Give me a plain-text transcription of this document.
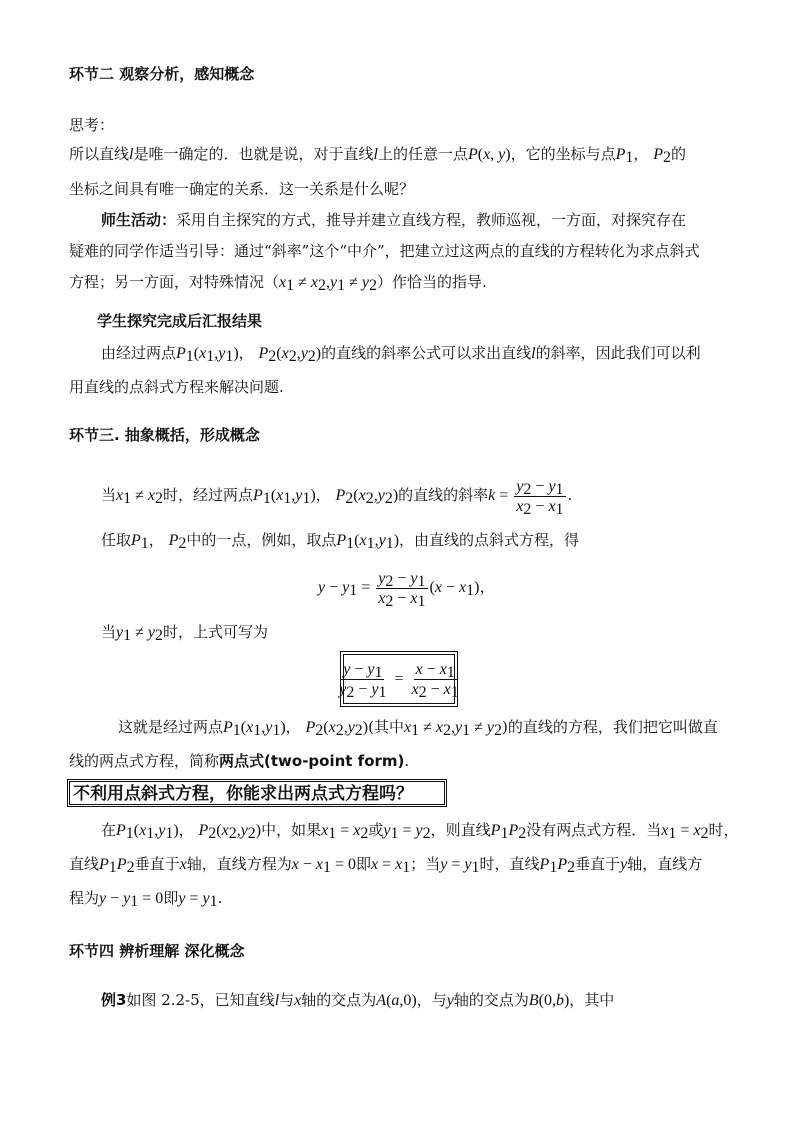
环节二 观察分析，感知概念
思考：
所以直线l是唯一确定的．也就是说，对于直线l上的任意一点P(x, y)，它的坐标与点$P_1$， $P_2$的
坐标之间具有唯一确定的关系．这一关系是什么呢？
师生活动：采用自主探究的方式，推导并建立直线方程，教师巡视，一方面，对探究存在
疑难的同学作适当引导：通过“斜率”这个“中介”，把建立过这两点的直线的方程转化为求点斜式
方程；另一方面，对特殊情况$(x_1 \ne x_2,y_1 \ne y_2)$作恰当的指导.
学生探究完成后汇报结果
由经过两点$P_1(x_1,y_1)$， $P_2(x_2,y_2)$的直线的斜率公式可以求出直线l的斜率，因此我们可以利
用直线的点斜式方程来解决问题.
环节三. 抽象概括，形成概念
当$x_1 \ne x_2$时，经过两点$P_1(x_1,y_1)$， $P_2(x_2,y_2)$的直线的斜率$k = \frac{y_2 - y_1}{x_2 - x_1}$ .
任取$P_1$， $P_2$中的一点，例如，取点$P_1(x_1,y_1)$，由直线的点斜式方程，得
$y - y_1 = \frac{y_2 - y_1}{x_2 - x_1} (x - x_1)$，
当$y_1 \ne y_2$时，上式可写为
$\frac{y - y_1}{y_2 - y_1} = \frac{x - x_1}{x_2 - x_1}$
这就是经过两点$P_1(x_1,y_1)$， $P_2(x_2,y_2)$(其中$x_1 \ne x_2,y_1 \ne y_2$)的直线的方程，我们把它叫做直
线的两点式方程，简称两点式(two-point form).
不利用点斜式方程，你能求出两点式方程吗？
在$P_1(x_1,y_1)$， $P_2(x_2,y_2)$中，如果$x_1 = x_2$或$y_1 = y_2$，则直线$P_1P_2$没有两点式方程．当$x_1 = x_2$时，
直线$P_1P_2$垂直于x轴，直线方程为$x - x_1 = 0$即$x = x_1$；当$y = y_1$时，直线$P_1P_2$垂直于y轴，直线方
程为$y - y_1 = 0$即$y = y_1$.
环节四 辨析理解 深化概念
例3如图 2.2-5，已知直线l与x轴的交点为A(a,0)，与y轴的交点为B(0,b)，其中
